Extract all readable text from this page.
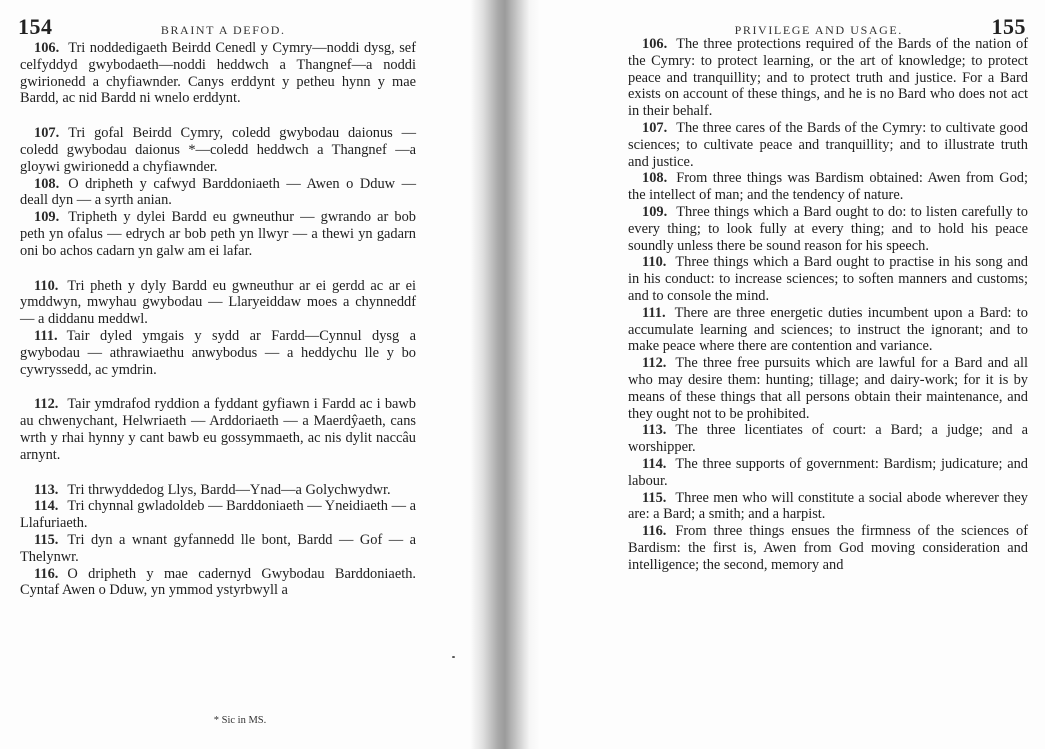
154	BRAINT A DEFOD.

106. Tri noddedigaeth Beirdd Cenedl y Cymry—noddi dysg, sef celfyddyd gwybodaeth—noddi heddwch a Thangnef—a noddi gwirionedd a chyfiawnder. Canys erddynt y petheu hynn y mae Bardd, ac nid Bardd ni wnelo erddynt.

107. Tri gofal Beirdd Cymry, coledd gwybodau daionus —coledd gwybodau daionus *—coledd heddwch a Thangnef —a gloywi gwirionedd a chyfiawnder.

108. O dripheth y cafwyd Barddoniaeth — Awen o Dduw — deall dyn — a syrth anian.

109. Tripheth y dylei Bardd eu gwneuthur — gwrando ar bob peth yn ofalus — edrych ar bob peth yn llwyr — a thewi yn gadarn oni bo achos cadarn yn galw am ei lafar.

110. Tri pheth y dyly Bardd eu gwneuthur ar ei gerdd ac ar ei ymddwyn, mwyhau gwybodau — Llaryeiddaw moes a chynneddf — a diddanu meddwl.

111. Tair dyled ymgais y sydd ar Fardd—Cynnul dysg a gwybodau — athrawiaethu anwybodus — a heddychu lle y bo cywryssedd, ac ymdrin.

112. Tair ymdrafod ryddion a fyddant gyfiawn i Fardd ac i bawb au chwenychant, Helwriaeth — Arddoriaeth — a Maerdŷaeth, cans wrth y rhai hynny y cant bawb eu gossymmaeth, ac nis dylit naccâu arnynt.

113. Tri thrwyddedog Llys, Bardd—Ynad—a Golychwydwr.

114. Tri chynnal gwladoldeb — Barddoniaeth — Yneidiaeth — a Llafuriaeth.

115. Tri dyn a wnant gyfannedd lle bont, Bardd — Gof — a Thelynwr.

116. O dripheth y mae cadernyd Gwybodau Barddoniaeth. Cyntaf Awen o Dduw, yn ymmod ystyrbwyll a

* Sic in MS.
PRIVILEGE AND USAGE.	155

106. The three protections required of the Bards of the nation of the Cymry: to protect learning, or the art of knowledge; to protect peace and tranquillity; and to protect truth and justice. For a Bard exists on account of these things, and he is no Bard who does not act in their behalf.

107. The three cares of the Bards of the Cymry: to cultivate good sciences; to cultivate peace and tranquillity; and to illustrate truth and justice.

108. From three things was Bardism obtained: Awen from God; the intellect of man; and the tendency of nature.

109. Three things which a Bard ought to do: to listen carefully to every thing; to look fully at every thing; and to hold his peace soundly unless there be sound reason for his speech.

110. Three things which a Bard ought to practise in his song and in his conduct: to increase sciences; to soften manners and customs; and to console the mind.

111. There are three energetic duties incumbent upon a Bard: to accumulate learning and sciences; to instruct the ignorant; and to make peace where there are contention and variance.

112. The three free pursuits which are lawful for a Bard and all who may desire them: hunting; tillage; and dairy-work; for it is by means of these things that all persons obtain their maintenance, and they ought not to be prohibited.

113. The three licentiates of court: a Bard; a judge; and a worshipper.

114. The three supports of government: Bardism; judicature; and labour.

115. Three men who will constitute a social abode wherever they are: a Bard; a smith; and a harpist.

116. From three things ensues the firmness of the sciences of Bardism: the first is, Awen from God moving consideration and intelligence; the second, memory and
